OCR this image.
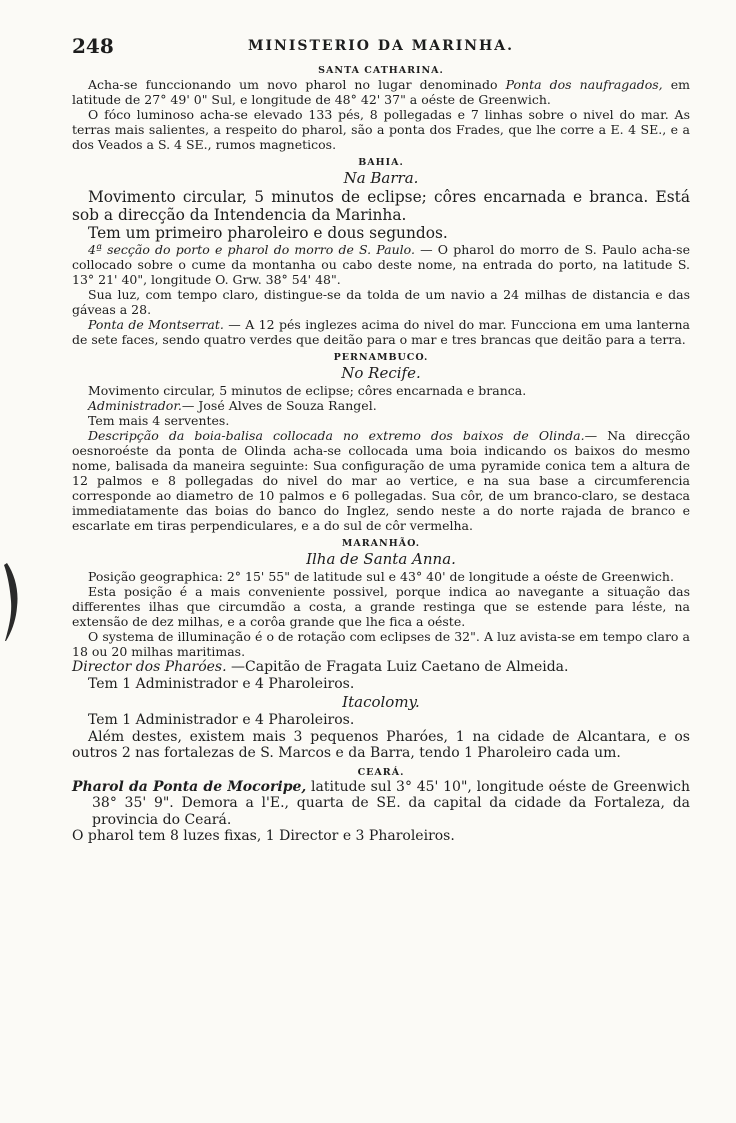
248	MINISTERIO DA MARINHA.
SANTA CATHARINA.

Acha-se funccionando um novo pharol no lugar denominado Ponta dos naufragados, em latitude de 27° 49' 0" Sul, e longitude de 48° 42' 37" a oéste de Greenwich.

O fóco luminoso acha-se elevado 133 pés, 8 pollegadas e 7 linhas sobre o nivel do mar. As terras mais salientes, a respeito do pharol, são a ponta dos Frades, que lhe corre a E. 4 SE., e a dos Veados a S. 4 SE., rumos magneticos.

BAHIA.
Na Barra.

Movimento circular, 5 minutos de eclipse; côres encarnada e branca. Está sob a direcção da Intendencia da Marinha.

Tem um primeiro pharoleiro e dous segundos.

4ª secção do porto e pharol do morro de S. Paulo. — O pharol do morro de S. Paulo acha-se collocado sobre o cume da montanha ou cabo deste nome, na entrada do porto, na latitude S. 13° 21' 40", longitude O. Grw. 38° 54' 48".

Sua luz, com tempo claro, distingue-se da tolda de um navio a 24 milhas de distancia e das gáveas a 28.

Ponta de Montserrat. — A 12 pés inglezes acima do nivel do mar. Funcciona em uma lanterna de sete faces, sendo quatro verdes que deitão para o mar e tres brancas que deitão para a terra.

PERNAMBUCO.
No Recife.

Movimento circular, 5 minutos de eclipse; côres encarnada e branca.

Administrador.— José Alves de Souza Rangel.

Tem mais 4 serventes.

Descripção da boia-balisa collocada no extremo dos baixos de Olinda.— Na direcção oesnoroéste da ponta de Olinda acha-se collocada uma boia indicando os baixos do mesmo nome, balisada da maneira seguinte: Sua configuração de uma pyramide conica tem a altura de 12 palmos e 8 pollegadas do nivel do mar ao vertice, e na sua base a circumferencia corresponde ao diametro de 10 palmos e 6 pollegadas. Sua côr, de um branco-claro, se destaca immediatamente das boias do banco do Inglez, sendo neste a do norte rajada de branco e escarlate em tiras perpendiculares, e a do sul de côr vermelha.

MARANHÃO.
Ilha de Santa Anna.

Posição geographica: 2° 15' 55" de latitude sul e 43° 40' de longitude a oéste de Greenwich.

Esta posição é a mais conveniente possivel, porque indica ao navegante a situação das differentes ilhas que circumdão a costa, a grande restinga que se estende para léste, na extensão de dez milhas, e a corôa grande que lhe fica a oéste.

O systema de illuminação é o de rotação com eclipses de 32". A luz avista-se em tempo claro a 18 ou 20 milhas maritimas.

Director dos Pharóes. —Capitão de Fragata Luiz Caetano de Almeida.

Tem 1 Administrador e 4 Pharoleiros.

Itacolomy.

Tem 1 Administrador e 4 Pharoleiros.

Além destes, existem mais 3 pequenos Pharóes, 1 na cidade de Alcantara, e os outros 2 nas fortalezas de S. Marcos e da Barra, tendo 1 Pharoleiro cada um.

CEARÁ.

Pharol da Ponta de Mocoripe, latitude sul 3° 45' 10", longitude oéste de Greenwich 38° 35' 9". Demora a l'E., quarta de SE. da capital da cidade da Fortaleza, da provincia do Ceará.

O pharol tem 8 luzes fixas, 1 Director e 3 Pharoleiros.
